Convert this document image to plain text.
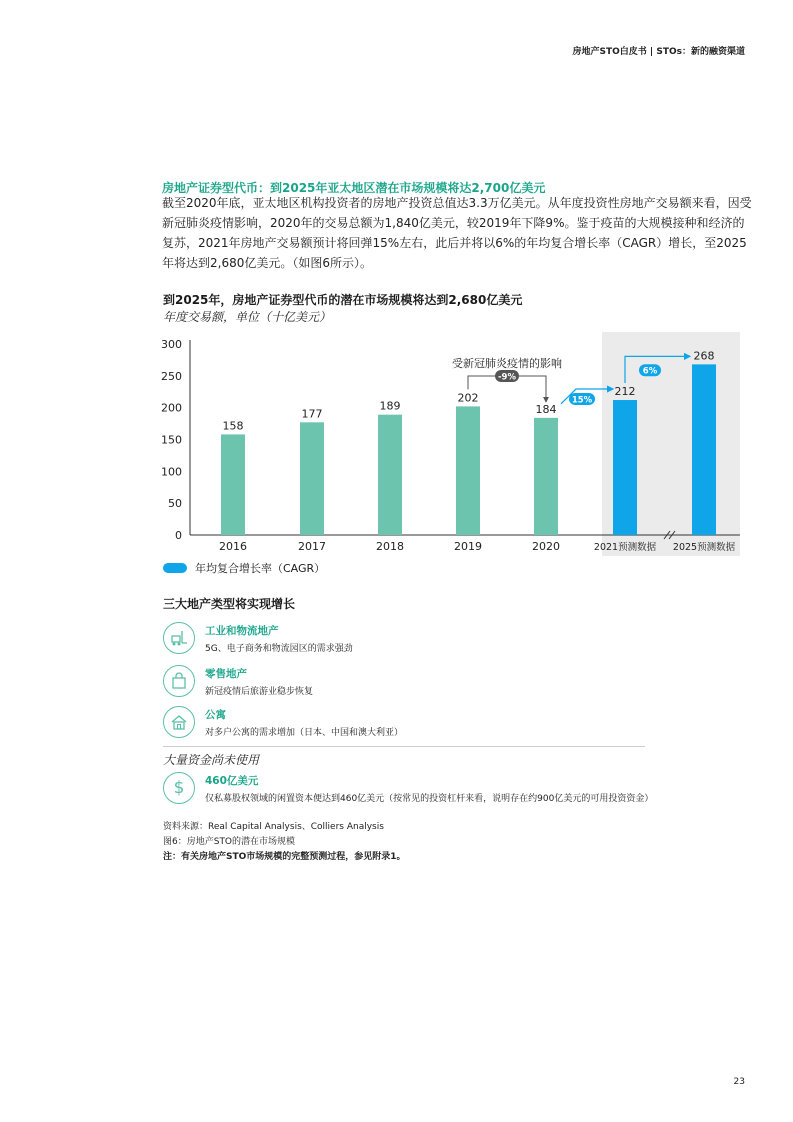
房地产STO白皮书 | STOs：新的融资渠道
房地产证券型代币：到2025年亚太地区潜在市场规模将达2,700亿美元
截至2020年底，亚太地区机构投资者的房地产投资总值达3.3万亿美元。从年度投资性房地产交易额来看，因受新冠肺炎疫情影响，2020年的交易总额为1,840亿美元，较2019年下降9%。鉴于疫苗的大规模接种和经济的复苏，2021年房地产交易额预计将回弹15%左右，此后并将以6%的年均复合增长率（CAGR）增长，至2025年将达到2,680亿美元。（如图6所示）。
到2025年，房地产证券型代币的潜在市场规模将达到2,680亿美元
年度交易额，单位（十亿美元）
0
50
100
150
200
250
300
158
2016
177
2017
189
2018
202
2019
184
2020
212
2021预测数据
268
2025预测数据
受新冠肺炎疫情的影响
-9%
15%
6%
年均复合增长率（CAGR）
三大地产类型将实现增长
工业和物流地产
5G、电子商务和物流园区的需求强劲
零售地产
新冠疫情后旅游业稳步恢复
公寓
对多户公寓的需求增加（日本、中国和澳大利亚）
大量资金尚未使用
$ 460亿美元
仅私募股权领域的闲置资本便达到460亿美元（按常见的投资杠杆来看，说明存在约900亿美元的可用投资资金）
资料来源：Real Capital Analysis、Colliers Analysis
图6：房地产STO的潜在市场规模
注：有关房地产STO市场规模的完整预测过程，参见附录1。
23
